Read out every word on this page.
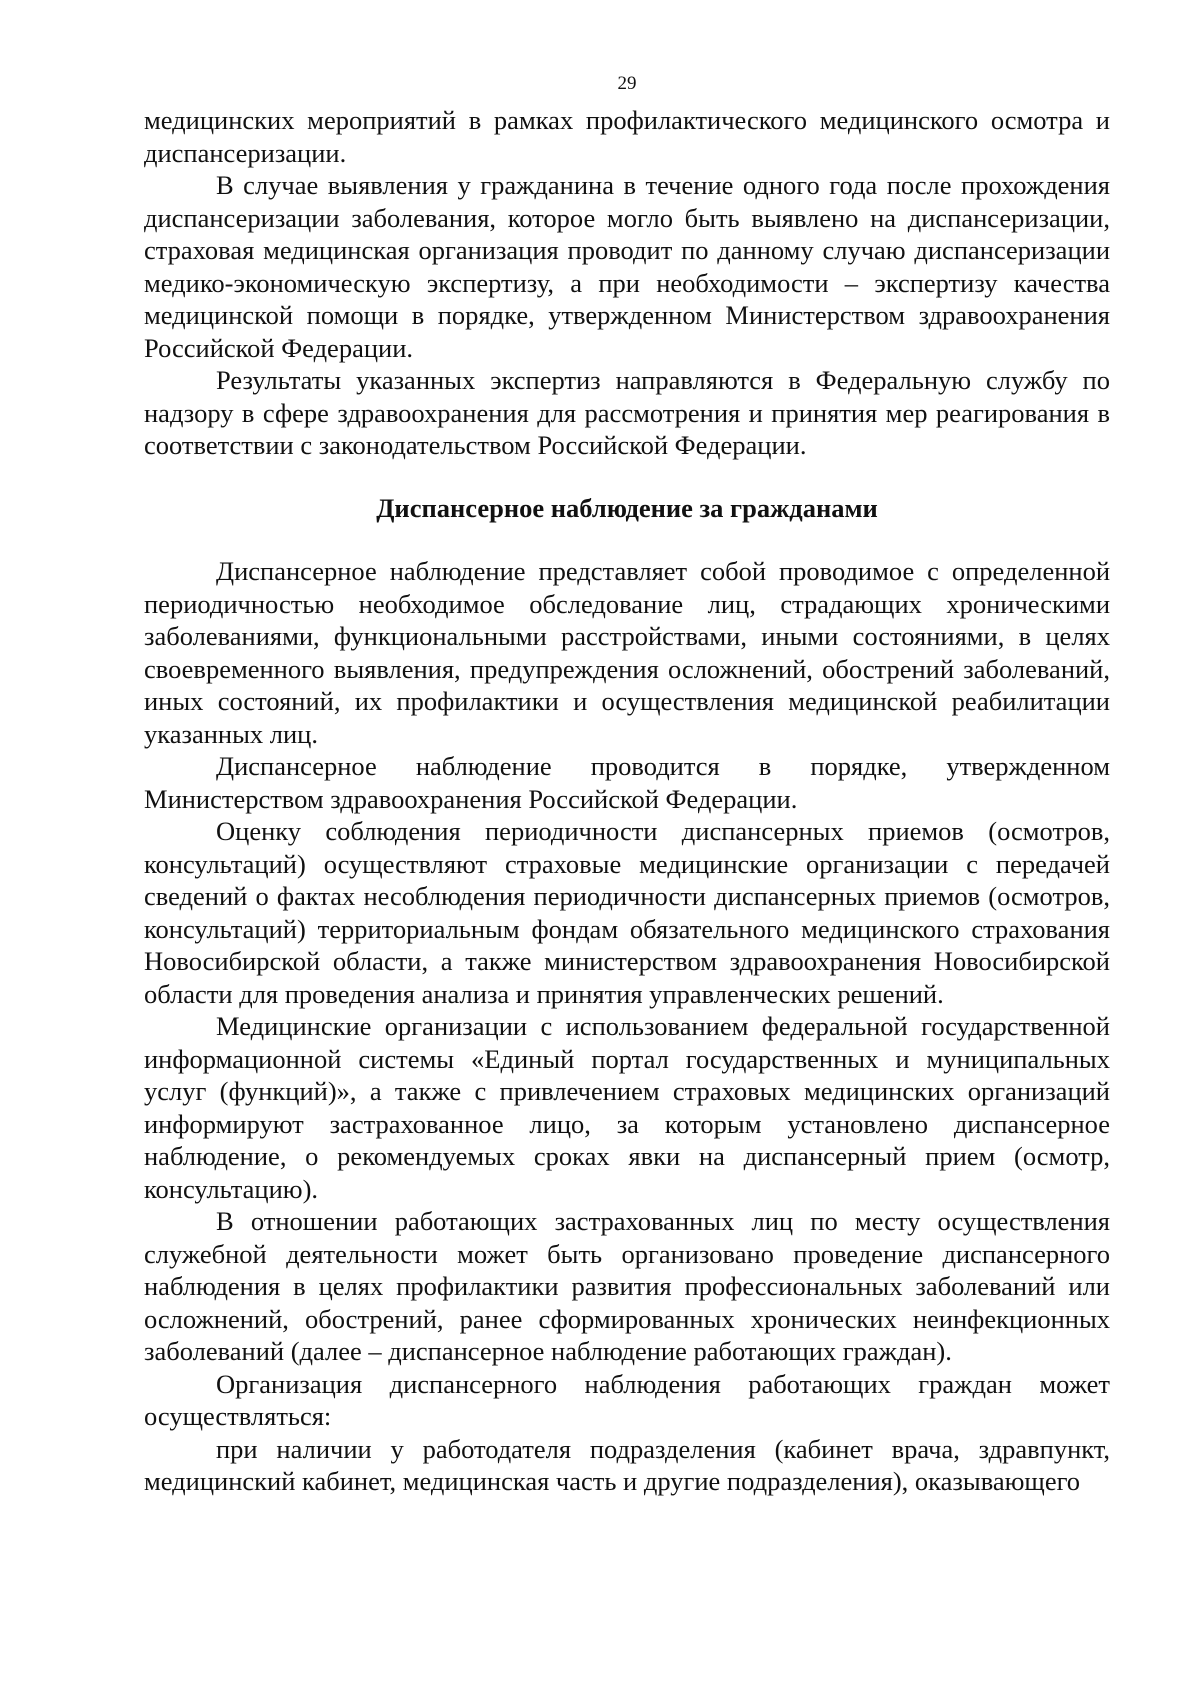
29

медицинских мероприятий в рамках профилактического медицинского осмотра и диспансеризации.

В случае выявления у гражданина в течение одного года после прохождения диспансеризации заболевания, которое могло быть выявлено на диспансеризации, страховая медицинская организация проводит по данному случаю диспансеризации медико-экономическую экспертизу, а при необходимости – экспертизу качества медицинской помощи в порядке, утвержденном Министерством здравоохранения Российской Федерации.

Результаты указанных экспертиз направляются в Федеральную службу по надзору в сфере здравоохранения для рассмотрения и принятия мер реагирования в соответствии с законодательством Российской Федерации.

Диспансерное наблюдение за гражданами

Диспансерное наблюдение представляет собой проводимое с определенной периодичностью необходимое обследование лиц, страдающих хроническими заболеваниями, функциональными расстройствами, иными состояниями, в целях своевременного выявления, предупреждения осложнений, обострений заболеваний, иных состояний, их профилактики и осуществления медицинской реабилитации указанных лиц.

Диспансерное наблюдение проводится в порядке, утвержденном Министерством здравоохранения Российской Федерации.

Оценку соблюдения периодичности диспансерных приемов (осмотров, консультаций) осуществляют страховые медицинские организации с передачей сведений о фактах несоблюдения периодичности диспансерных приемов (осмотров, консультаций) территориальным фондам обязательного медицинского страхования Новосибирской области, а также министерством здравоохранения Новосибирской области для проведения анализа и принятия управленческих решений.

Медицинские организации с использованием федеральной государственной информационной системы «Единый портал государственных и муниципальных услуг (функций)», а также с привлечением страховых медицинских организаций информируют застрахованное лицо, за которым установлено диспансерное наблюдение, о рекомендуемых сроках явки на диспансерный прием (осмотр, консультацию).

В отношении работающих застрахованных лиц по месту осуществления служебной деятельности может быть организовано проведение диспансерного наблюдения в целях профилактики развития профессиональных заболеваний или осложнений, обострений, ранее сформированных хронических неинфекционных заболеваний (далее – диспансерное наблюдение работающих граждан).

Организация диспансерного наблюдения работающих граждан может осуществляться:

при наличии у работодателя подразделения (кабинет врача, здравпункт, медицинский кабинет, медицинская часть и другие подразделения), оказывающего
